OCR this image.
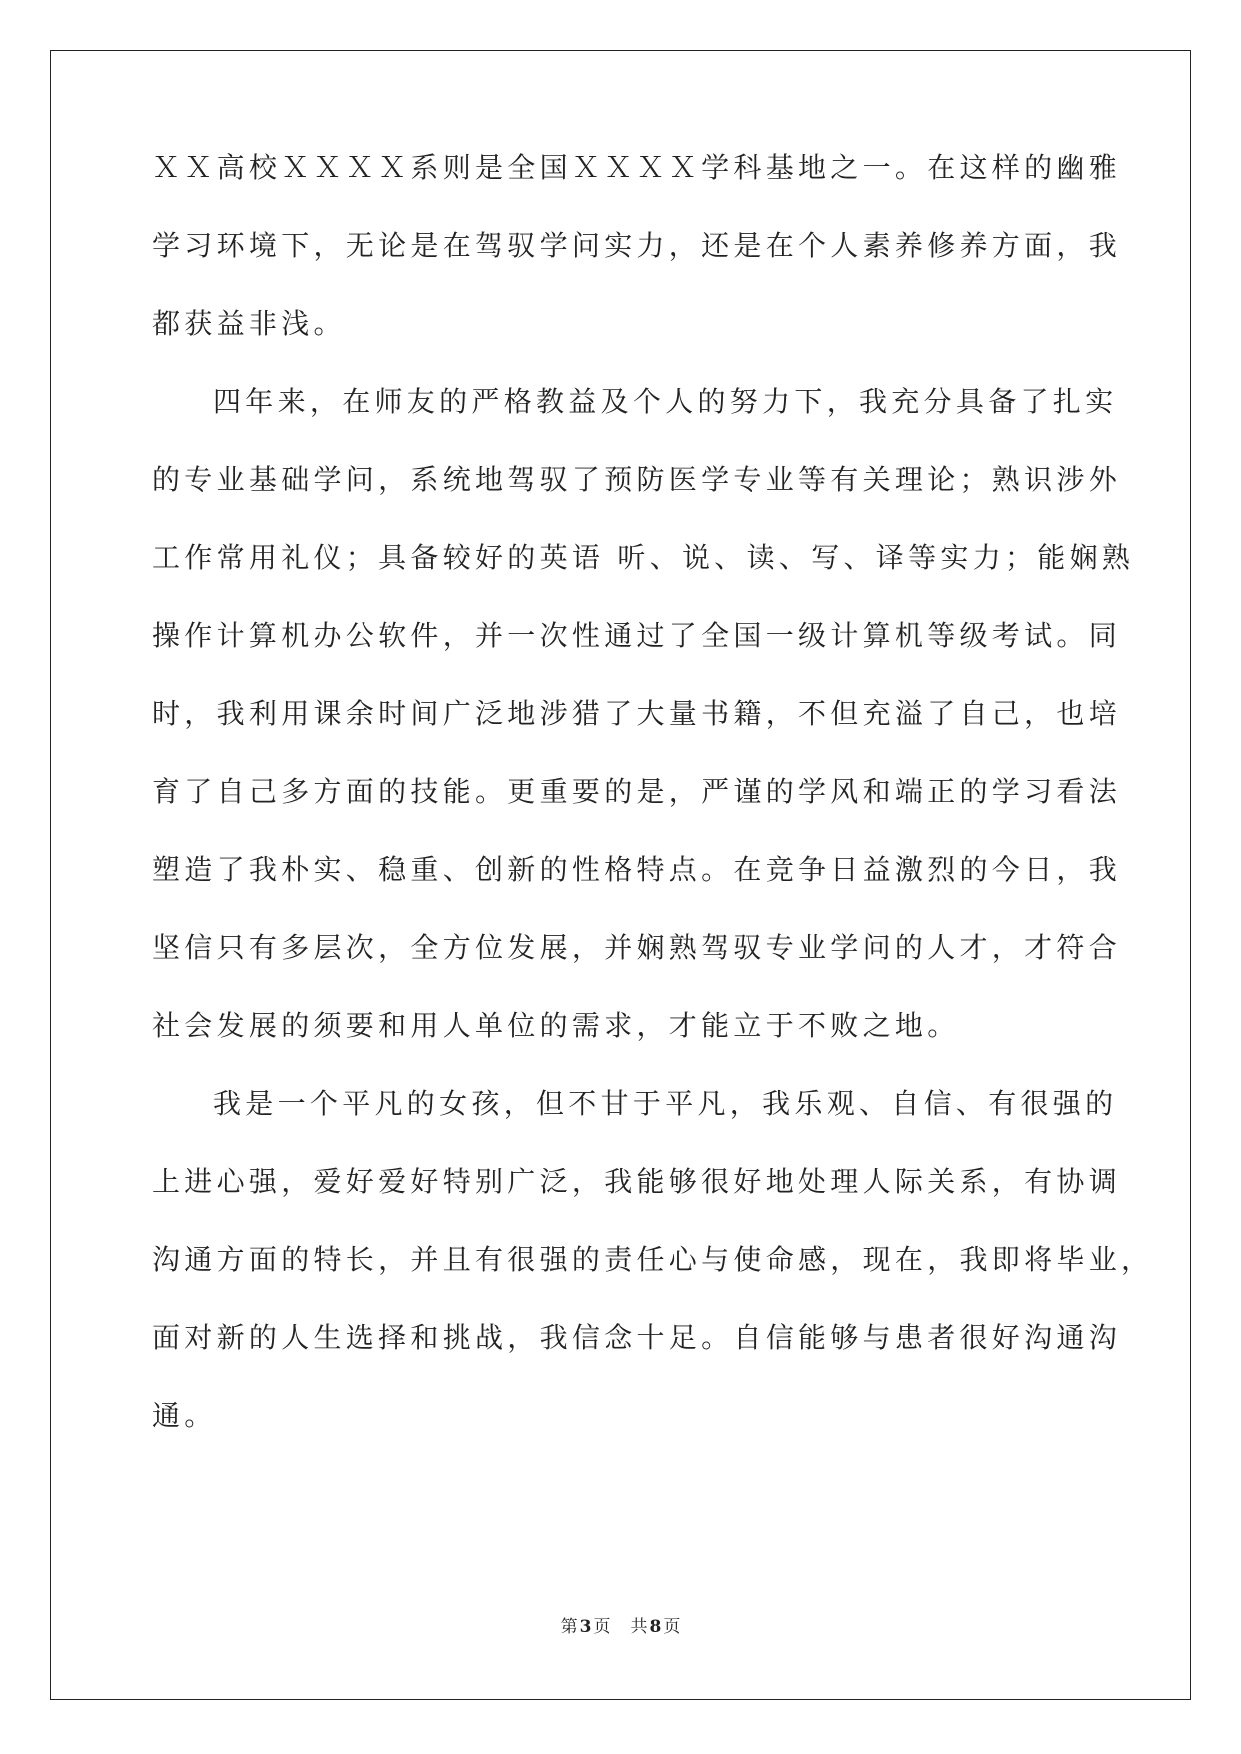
ＸＸ高校ＸＸＸＸ系则是全国ＸＸＸＸ学科基地之一。在这样的幽雅
学习环境下，无论是在驾驭学问实力，还是在个人素养修养方面，我
都获益非浅。
四年来，在师友的严格教益及个人的努力下，我充分具备了扎实
的专业基础学问，系统地驾驭了预防医学专业等有关理论；熟识涉外
工作常用礼仪；具备较好的英语 听、说、读、写、译等实力；能娴熟
操作计算机办公软件，并一次性通过了全国一级计算机等级考试。同
时，我利用课余时间广泛地涉猎了大量书籍，不但充溢了自己，也培
育了自己多方面的技能。更重要的是，严谨的学风和端正的学习看法
塑造了我朴实、稳重、创新的性格特点。在竞争日益激烈的今日，我
坚信只有多层次，全方位发展，并娴熟驾驭专业学问的人才，才符合
社会发展的须要和用人单位的需求，才能立于不败之地。
我是一个平凡的女孩，但不甘于平凡，我乐观、自信、有很强的
上进心强，爱好爱好特别广泛，我能够很好地处理人际关系，有协调
沟通方面的特长，并且有很强的责任心与使命感，现在，我即将毕业，
面对新的人生选择和挑战，我信念十足。自信能够与患者很好沟通沟
通。
第 3 页 共 8 页
